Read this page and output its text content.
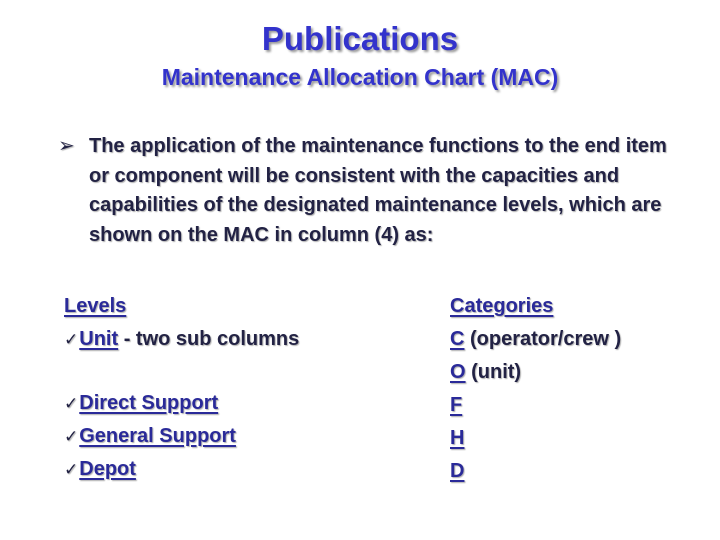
Publications
Maintenance Allocation Chart (MAC)
➢ The application of the maintenance functions to the end item or component will be consistent with the capacities and capabilities of the designated maintenance levels, which are shown on the MAC in column (4) as:
Levels
✓Unit - two sub columns
✓Direct Support
✓General Support
✓Depot
Categories
C (operator/crew )
O (unit)
F
H
D
